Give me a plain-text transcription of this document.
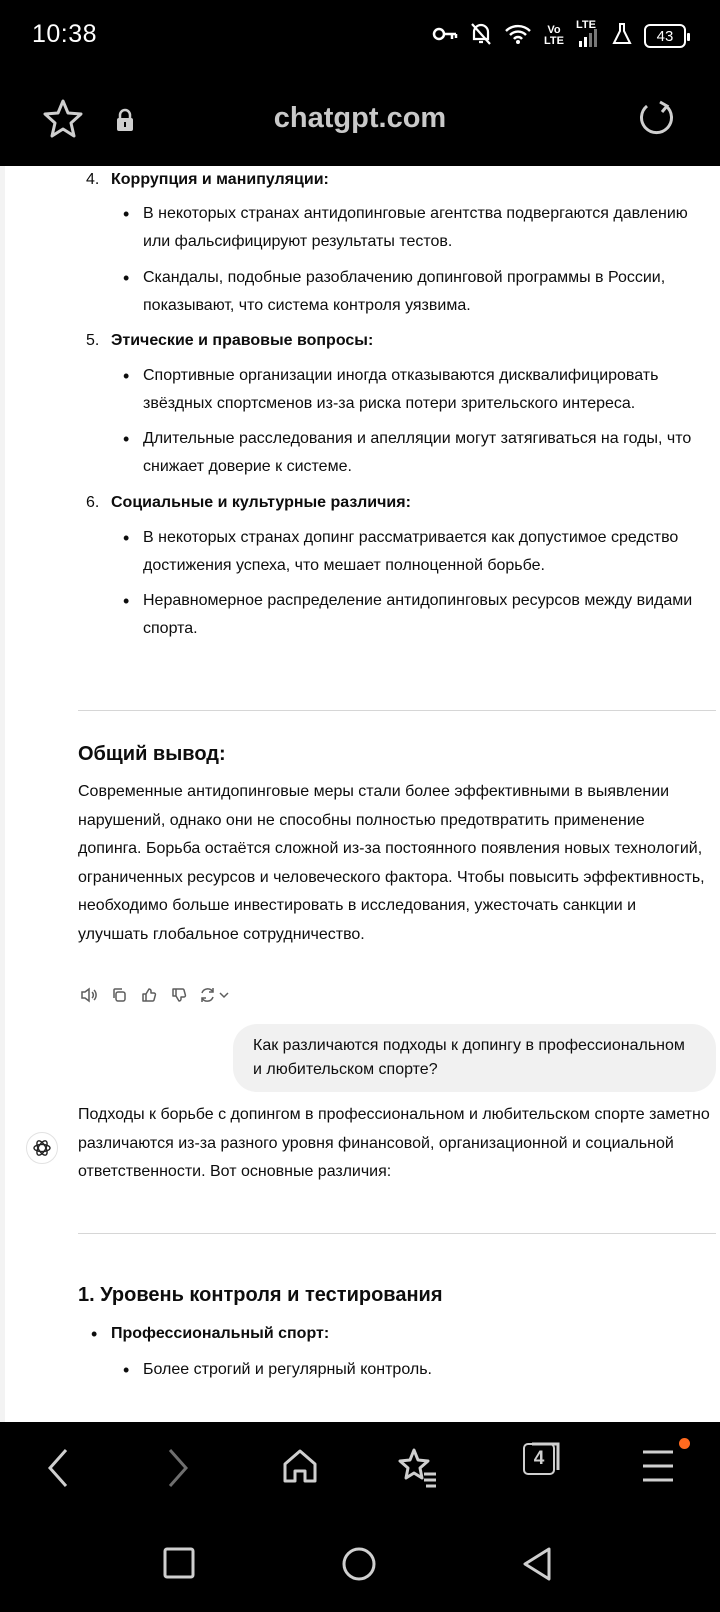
10:38	Vo
LTE
LTE
43
chatgpt.com
4. Коррупция и манипуляции:
• В некоторых странах антидопинговые агентства подвергаются давлению или фальсифицируют результаты тестов.
• Скандалы, подобные разоблачению допинговой программы в России, показывают, что система контроля уязвима.
5. Этические и правовые вопросы:
• Спортивные организации иногда отказываются дисквалифицировать звёздных спортсменов из-за риска потери зрительского интереса.
• Длительные расследования и апелляции могут затягиваться на годы, что снижает доверие к системе.
6. Социальные и культурные различия:
• В некоторых странах допинг рассматривается как допустимое средство достижения успеха, что мешает полноценной борьбе.
• Неравномерное распределение антидопинговых ресурсов между видами спорта.
Общий вывод:
Современные антидопинговые меры стали более эффективными в выявлении нарушений, однако они не способны полностью предотвратить применение допинга. Борьба остаётся сложной из-за постоянного появления новых технологий, ограниченных ресурсов и человеческого фактора. Чтобы повысить эффективность, необходимо больше инвестировать в исследования, ужесточать санкции и улучшать глобальное сотрудничество.
Как различаются подходы к допингу в профессиональном и любительском спорте?
Подходы к борьбе с допингом в профессиональном и любительском спорте заметно различаются из-за разного уровня финансовой, организационной и социальной ответственности. Вот основные различия:
1. Уровень контроля и тестирования
• Профессиональный спорт:
• Более строгий и регулярный контроль.
4
